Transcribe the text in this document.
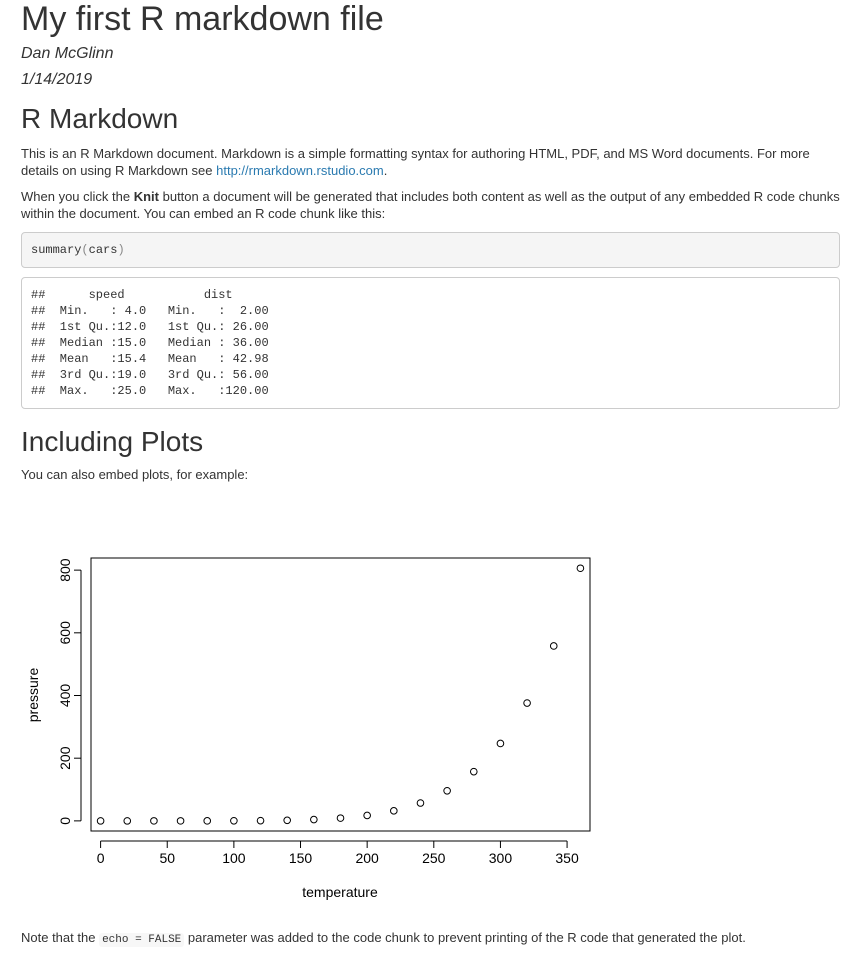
My first R markdown file
Dan McGlinn
1/14/2019
R Markdown

This is an R Markdown document. Markdown is a simple formatting syntax for authoring HTML, PDF, and MS Word documents. For more details on using R Markdown see http://rmarkdown.rstudio.com.

When you click the Knit button a document will be generated that includes both content as well as the output of any embedded R code chunks within the document. You can embed an R code chunk like this:

summary(cars)
##      speed           dist
##  Min.   : 4.0   Min.   :  2.00
##  1st Qu.:12.0   1st Qu.: 26.00
##  Median :15.0   Median : 36.00
##  Mean   :15.4   Mean   : 42.98
##  3rd Qu.:19.0   3rd Qu.: 56.00
##  Max.   :25.0   Max.   :120.00
Including Plots

You can also embed plots, for example:

0	50	100	150	200	250	300	350
0
200
400
600
800
temperature
pressure

Note that the echo = FALSE parameter was added to the code chunk to prevent printing of the R code that generated the plot.
